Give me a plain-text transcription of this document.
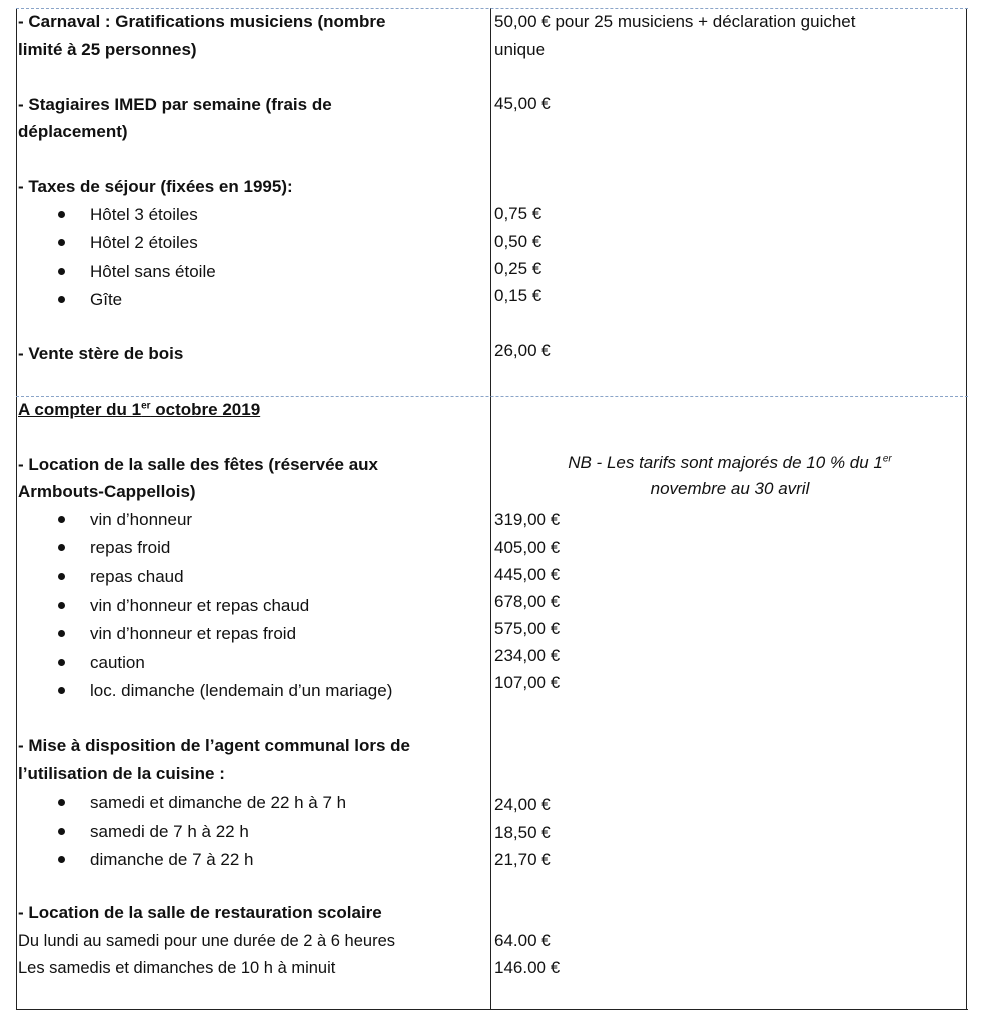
- Carnaval : Gratifications musiciens (nombre
limité à 25 personnes)
- Stagiaires IMED par semaine (frais de
déplacement)
- Taxes de séjour (fixées en 1995):
Hôtel 3 étoiles
Hôtel 2 étoiles
Hôtel sans étoile
Gîte
- Vente stère de bois
50,00 € pour 25 musiciens + déclaration guichet
unique
45,00 €
0,75 €
0,50 €
0,25 €
0,15 €
26,00 €
A compter du 1er octobre 2019
- Location de la salle des fêtes (réservée aux
Armbouts-Cappellois)
NB - Les tarifs sont majorés de 10 % du 1er
novembre au 30 avril
vin d’honneur
repas froid
repas chaud
vin d’honneur et repas chaud
vin d’honneur et repas froid
caution
loc. dimanche (lendemain d’un mariage)
319,00 €
405,00 €
445,00 €
678,00 €
575,00 €
234,00 €
107,00 €
- Mise à disposition de l’agent communal lors de
l’utilisation de la cuisine :
samedi et dimanche de 22 h à 7 h
samedi de 7 h à 22 h
dimanche de 7 à 22 h
24,00 €
18,50 €
21,70 €
- Location de la salle de restauration scolaire
Du lundi au samedi pour une durée de 2 à 6 heures
Les samedis et dimanches de 10 h à minuit
64.00 €
146.00 €
